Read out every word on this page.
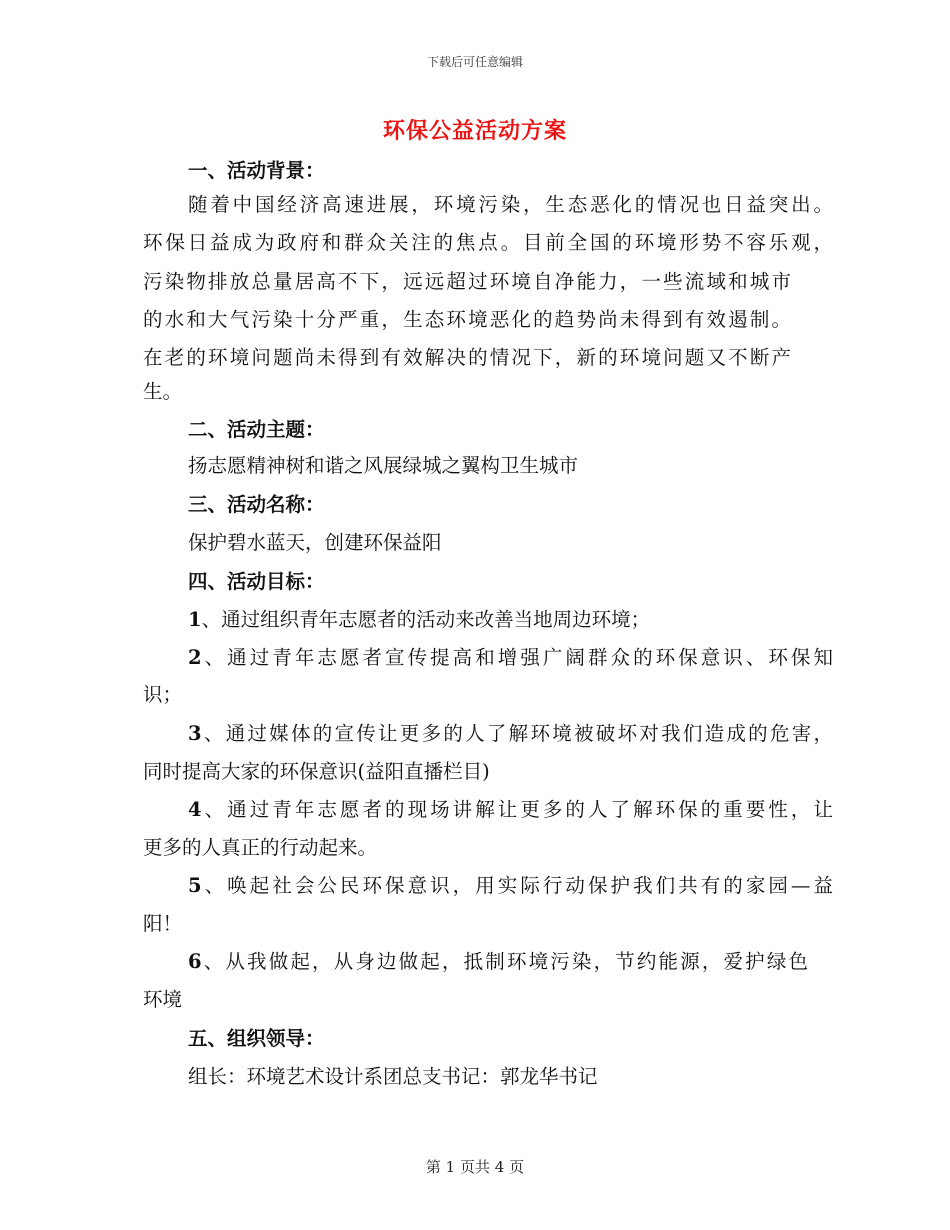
下载后可任意编辑
环保公益活动方案
一、活动背景：
随着中国经济高速进展，环境污染，生态恶化的情况也日益突出。
环保日益成为政府和群众关注的焦点。目前全国的环境形势不容乐观，
污染物排放总量居高不下，远远超过环境自净能力，一些流域和城市
的水和大气污染十分严重，生态环境恶化的趋势尚未得到有效遏制。
在老的环境问题尚未得到有效解决的情况下，新的环境问题又不断产
生。
二、活动主题：
扬志愿精神树和谐之风展绿城之翼构卫生城市
三、活动名称：
保护碧水蓝天，创建环保益阳
四、活动目标：
1、通过组织青年志愿者的活动来改善当地周边环境；
2、通过青年志愿者宣传提高和增强广阔群众的环保意识、环保知
识；
3、通过媒体的宣传让更多的人了解环境被破坏对我们造成的危害，
同时提高大家的环保意识(益阳直播栏目)
4、通过青年志愿者的现场讲解让更多的人了解环保的重要性，让
更多的人真正的行动起来。
5、唤起社会公民环保意识，用实际行动保护我们共有的家园—益
阳！
6、从我做起，从身边做起，抵制环境污染，节约能源，爱护绿色
环境
五、组织领导：
组长：环境艺术设计系团总支书记：郭龙华书记
第 1 页共 4 页
